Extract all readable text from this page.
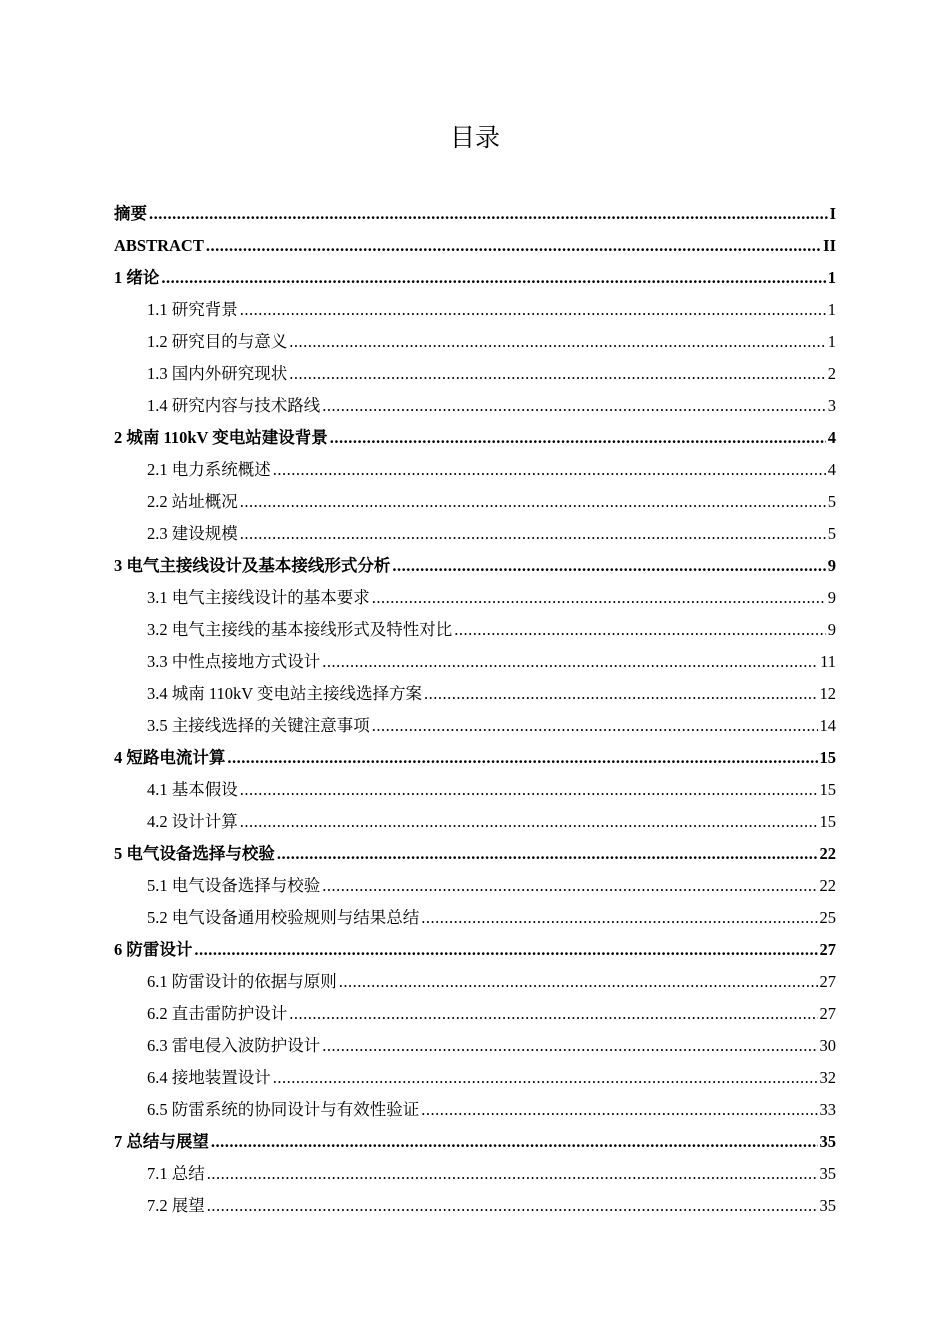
目录
摘要 .....	I
ABSTRACT .....	II
1 绪论 .....	1
1.1 研究背景 .....	1
1.2 研究目的与意义 .....	1
1.3 国内外研究现状 .....	2
1.4 研究内容与技术路线 .....	3
2 城南 110kV 变电站建设背景 .....	4
2.1 电力系统概述 .....	4
2.2 站址概况 .....	5
2.3 建设规模 .....	5
3 电气主接线设计及基本接线形式分析 .....	9
3.1 电气主接线设计的基本要求 .....	9
3.2 电气主接线的基本接线形式及特性对比 .....	9
3.3 中性点接地方式设计 .....	11
3.4 城南 110kV 变电站主接线选择方案 .....	12
3.5 主接线选择的关键注意事项 .....	14
4 短路电流计算 .....	15
4.1 基本假设 .....	15
4.2 设计计算 .....	15
5 电气设备选择与校验 .....	22
5.1 电气设备选择与校验 .....	22
5.2 电气设备通用校验规则与结果总结 .....	25
6 防雷设计 .....	27
6.1 防雷设计的依据与原则 .....	27
6.2 直击雷防护设计 .....	27
6.3 雷电侵入波防护设计 .....	30
6.4 接地装置设计 .....	32
6.5 防雷系统的协同设计与有效性验证 .....	33
7 总结与展望 .....	35
7.1 总结 .....	35
7.2 展望 .....	35
